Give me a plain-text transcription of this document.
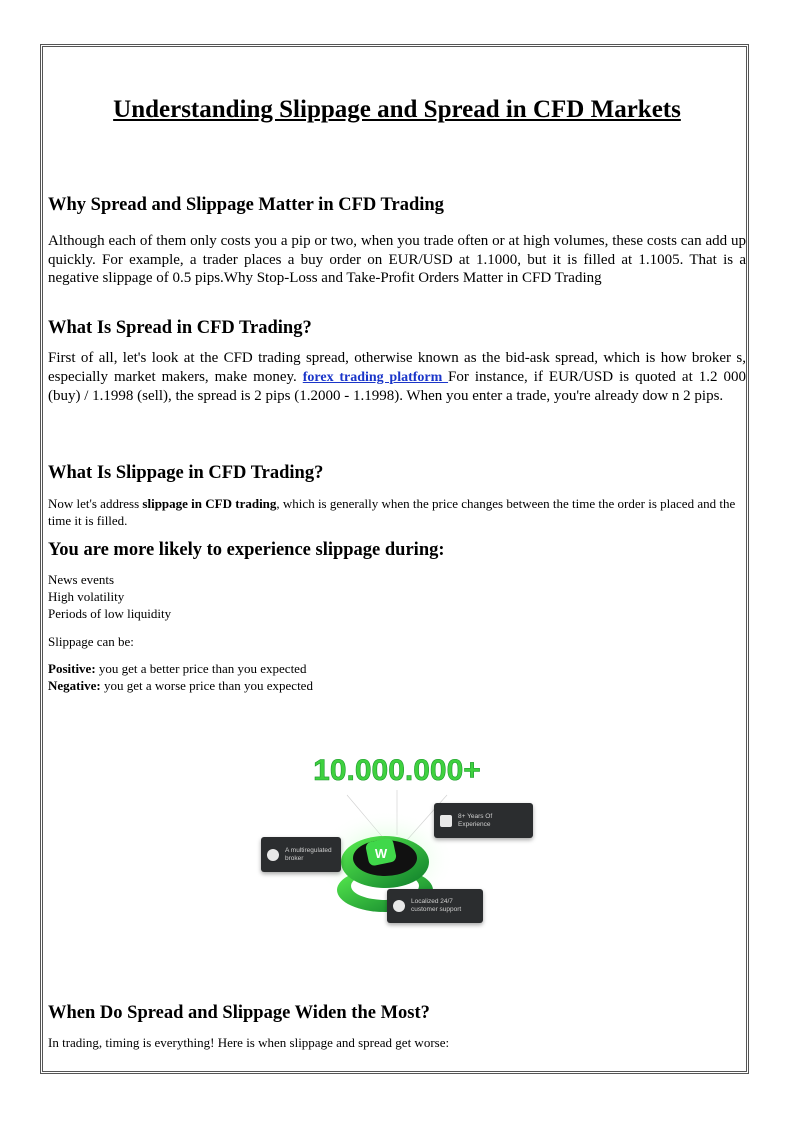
Understanding Slippage and Spread in CFD Markets
Why Spread and Slippage Matter in CFD Trading

Although each of them only costs you a pip or two, when you trade often or at high volumes, these costs can add up quickly. For example, a trader places a buy order on EUR/USD at 1.1000, but it is filled at 1.1005. That is a negative slippage of 0.5 pips.Why Stop-Loss and Take-Profit Orders Matter in CFD Trading

What Is Spread in CFD Trading?

First of all, let's look at the CFD trading spread, otherwise known as the bid-ask spread, which is how broker s, especially market makers, make money. forex trading platform For instance, if EUR/USD is quoted at 1.2 000 (buy) / 1.1998 (sell), the spread is 2 pips (1.2000 - 1.1998). When you enter a trade, you're already dow n 2 pips.

What Is Slippage in CFD Trading?

Now let's address slippage in CFD trading, which is generally when the price changes between the time the order is placed and the time it is filled.

You are more likely to experience slippage during:

News events

High volatility

Periods of low liquidity

Slippage can be:

Positive: you get a better price than you expected

Negative: you get a worse price than you expected

When Do Spread and Slippage Widen the Most?

In trading, timing is everything! Here is when slippage and spread get worse:

10.000.000+
W
A multiregulated broker
8+ Years Of Experience
Localized 24/7 customer support
